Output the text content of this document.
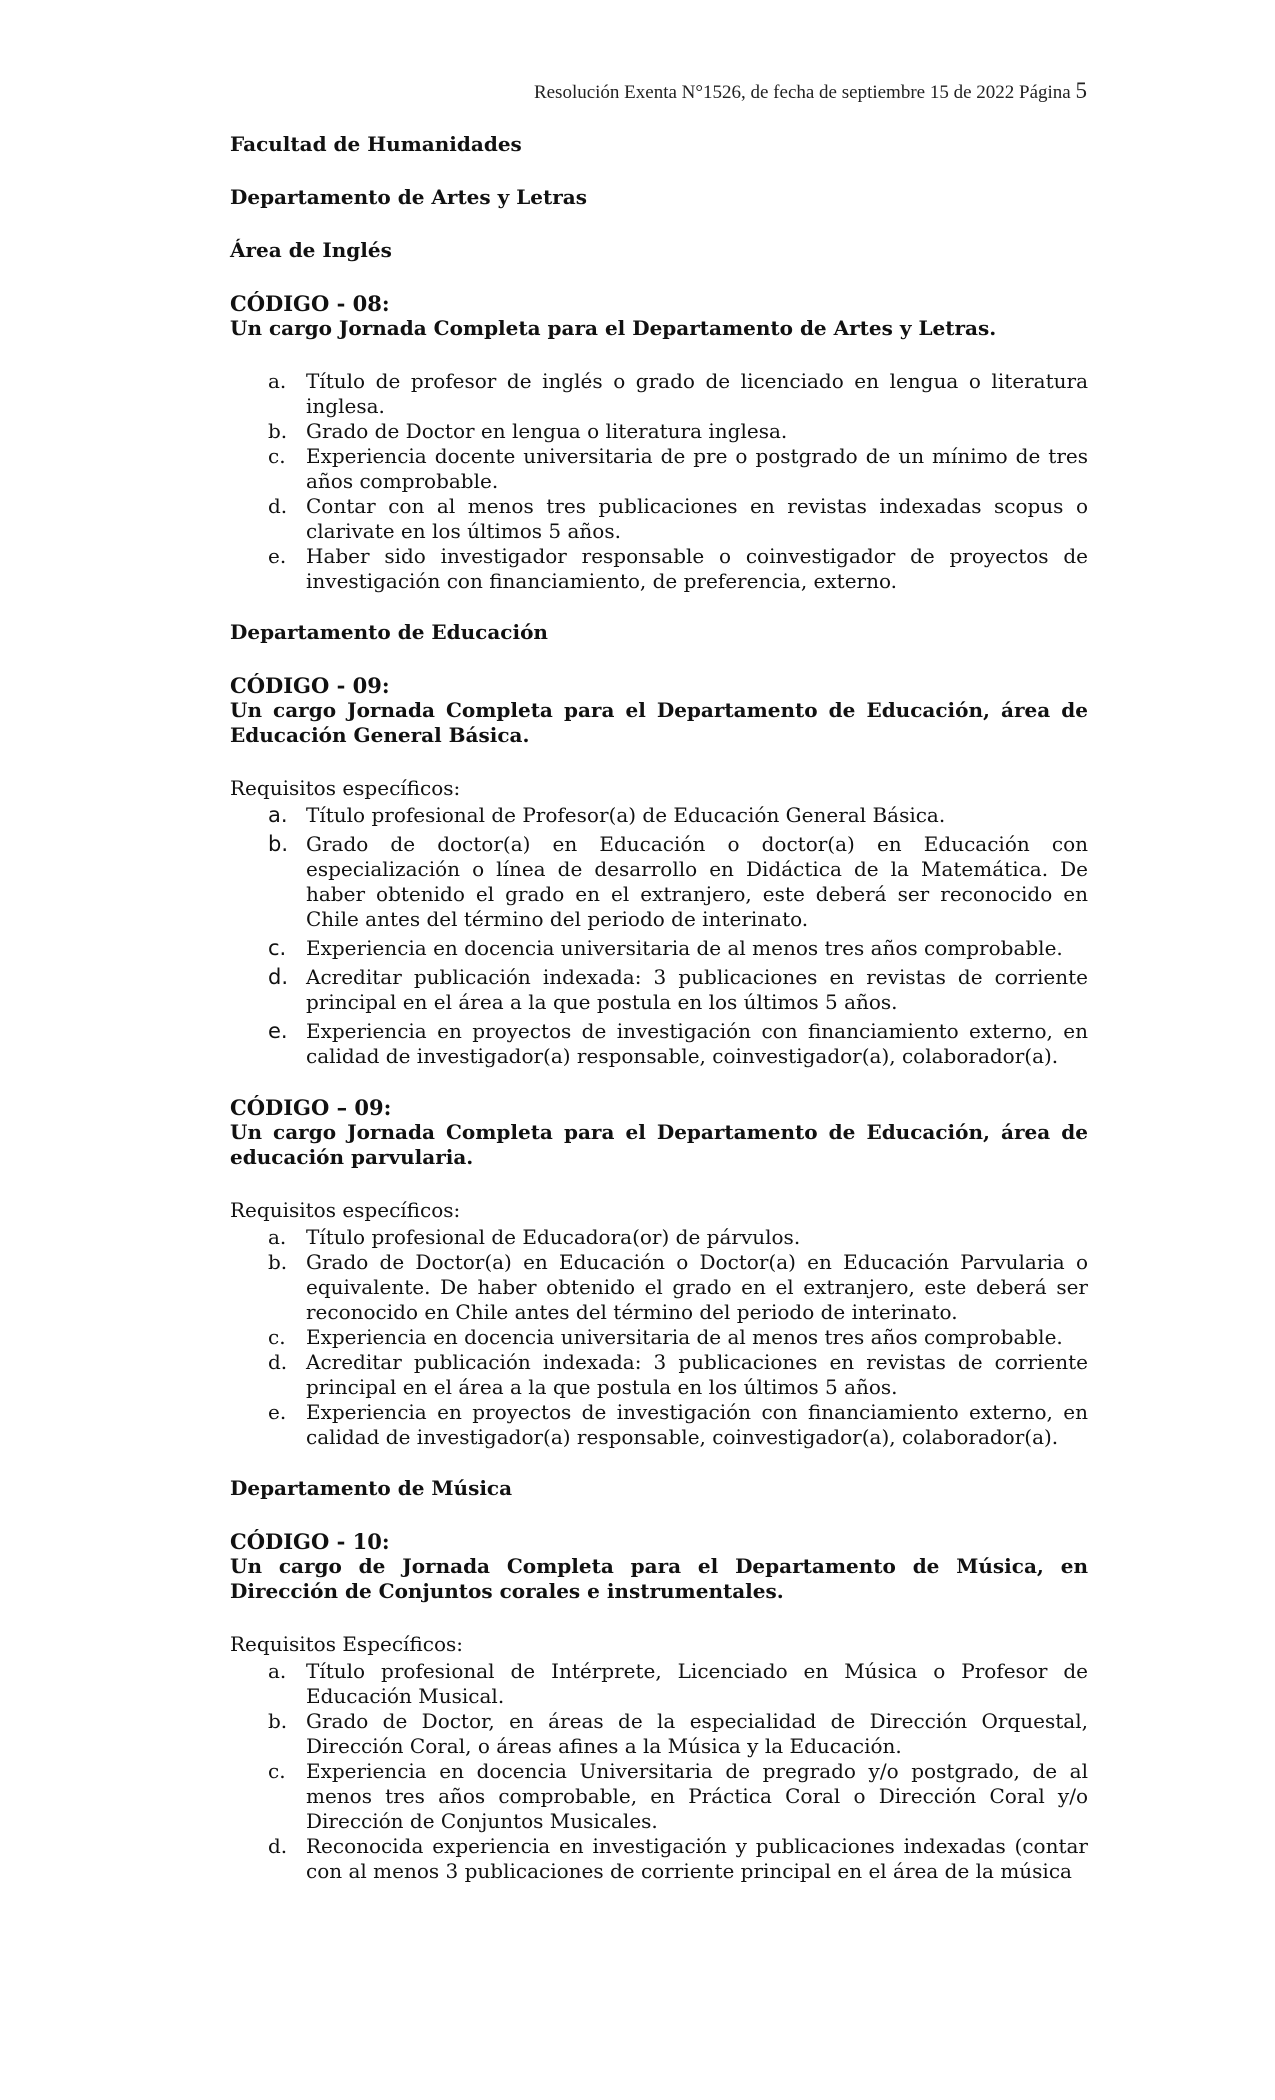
Resolución Exenta N°1526, de fecha de septiembre 15 de 2022 Página 5
Facultad de Humanidades
Departamento de Artes y Letras
Área de Inglés
CÓDIGO - 08:
Un cargo Jornada Completa para el Departamento de Artes y Letras.
a. Título de profesor de inglés o grado de licenciado en lengua o literatura inglesa.
b. Grado de Doctor en lengua o literatura inglesa.
c. Experiencia docente universitaria de pre o postgrado de un mínimo de tres años comprobable.
d. Contar con al menos tres publicaciones en revistas indexadas scopus o clarivate en los últimos 5 años.
e. Haber sido investigador responsable o coinvestigador de proyectos de investigación con financiamiento, de preferencia, externo.
Departamento de Educación
CÓDIGO - 09:
Un cargo Jornada Completa para el Departamento de Educación, área de Educación General Básica.
Requisitos específicos:
a. Título profesional de Profesor(a) de Educación General Básica.
b. Grado de doctor(a) en Educación o doctor(a) en Educación con especialización o línea de desarrollo en Didáctica de la Matemática. De haber obtenido el grado en el extranjero, este deberá ser reconocido en Chile antes del término del periodo de interinato.
c. Experiencia en docencia universitaria de al menos tres años comprobable.
d. Acreditar publicación indexada: 3 publicaciones en revistas de corriente principal en el área a la que postula en los últimos 5 años.
e. Experiencia en proyectos de investigación con financiamiento externo, en calidad de investigador(a) responsable, coinvestigador(a), colaborador(a).
CÓDIGO – 09:
Un cargo Jornada Completa para el Departamento de Educación, área de educación parvularia.
Requisitos específicos:
a. Título profesional de Educadora(or) de párvulos.
b. Grado de Doctor(a) en Educación o Doctor(a) en Educación Parvularia o equivalente. De haber obtenido el grado en el extranjero, este deberá ser reconocido en Chile antes del término del periodo de interinato.
c. Experiencia en docencia universitaria de al menos tres años comprobable.
d. Acreditar publicación indexada: 3 publicaciones en revistas de corriente principal en el área a la que postula en los últimos 5 años.
e. Experiencia en proyectos de investigación con financiamiento externo, en calidad de investigador(a) responsable, coinvestigador(a), colaborador(a).
Departamento de Música
CÓDIGO - 10:
Un cargo de Jornada Completa para el Departamento de Música, en Dirección de Conjuntos corales e instrumentales.
Requisitos Específicos:
a. Título profesional de Intérprete, Licenciado en Música o Profesor de Educación Musical.
b. Grado de Doctor, en áreas de la especialidad de Dirección Orquestal, Dirección Coral, o áreas afines a la Música y la Educación.
c. Experiencia en docencia Universitaria de pregrado y/o postgrado, de al menos tres años comprobable, en Práctica Coral o Dirección Coral y/o Dirección de Conjuntos Musicales.
d. Reconocida experiencia en investigación y publicaciones indexadas (contar con al menos 3 publicaciones de corriente principal en el área de la música
